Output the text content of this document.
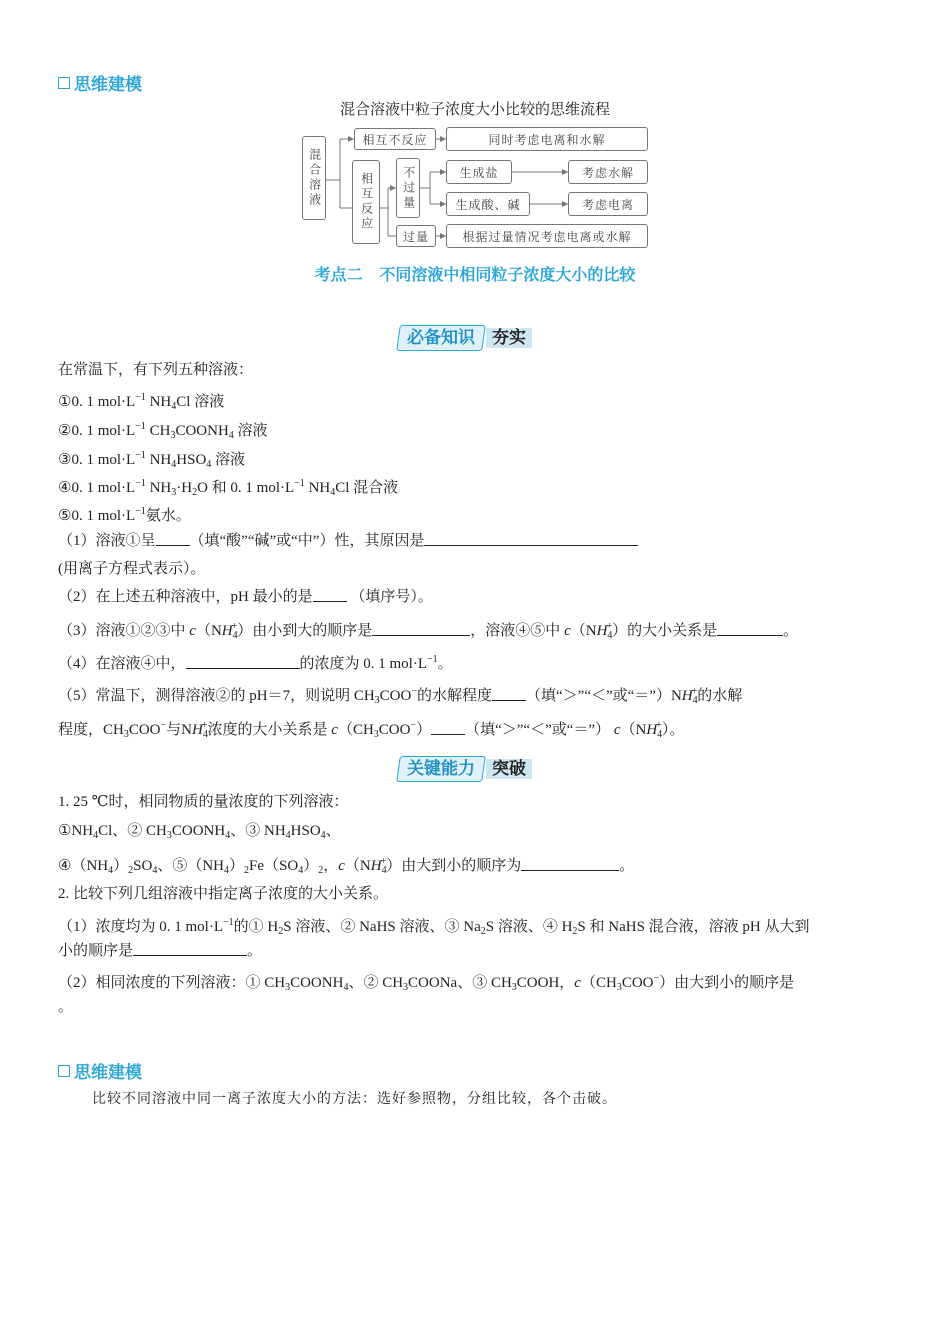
思维建模
混合溶液中粒子浓度大小比较的思维流程
混合溶液
相互不反应	同时考虑电离和水解
相互反应	不过量	生成盐	考虑水解
生成酸、碱	考虑电离
过量	根据过量情况考虑电离或水解
考点二   不同溶液中相同粒子浓度大小的比较
必备知识	夯实
在常温下，有下列五种溶液：
①0. 1 $mol\cdot L^{-1}$ $NH_4Cl$ 溶液
②0. 1 $mol\cdot L^{-1}$ $CH_3COONH_4$ 溶液
③0. 1 $mol\cdot L^{-1}$ $NH_4HSO_4$ 溶液
④0. 1 $mol\cdot L^{-1}$ $NH_3\cdot H_2O$ 和 0. 1 $mol\cdot L^{-1}$ $NH_4Cl$ 混合液
⑤0. 1 $mol\cdot L^{-1}$氨水。
（1）溶液①呈 （填“酸”“碱”或“中”）性，其原因是
(用离子方程式表示）。
（2）在上述五种溶液中，pH 最小的是 （填序号）。
（3）溶液①②③中 $c(NH_4^+)$由小到大的顺序是	，溶液④⑤中 $c(NH_4^+)$的大小关系是	。
（4）在溶液④中，	的浓度为 0. 1 $mol\cdot L^{-1}$。
（5）常温下，测得溶液②的 pH＝7，则说明 $CH_3COO^-$的水解程度 （填“＞”“＜”或“$=”)NH_4^+$的水解
程度，$CH_3COO^-$与$NH_4^+$浓度的大小关系是 $c(CH_3COO^-)$ （填“＞”“＜”或“＝”） $c(NH_4^+)$。
关键能力	突破
1. 25 ℃时，相同物质的量浓度的下列溶液：
$①NH_4Cl$、② $CH_3COONH_4$、③ $NH_4HSO_4$、
$④(NH_4)_2SO_4$、$⑤(NH_4)_2Fe(SO_4)_2$，$c(NH_4^+)$由大到小的顺序为	。
2. 比较下列几组溶液中指定离子浓度的大小关系。
（1）浓度均为 0. 1 $mol\cdot L^{-1}$的① $H_2S$ 溶液、② NaHS 溶液、③ $Na_2S$ 溶液、④ $H_2S$ 和 NaHS 混合液，溶液 pH 从大到
小的顺序是	。
（2）相同浓度的下列溶液：① $CH_3COONH_4$、② $CH_3COONa$、③ $CH_3COOH$，$c(CH_3COO^-)$由大到小的顺序是
。
思维建模
比较不同溶液中同一离子浓度大小的方法：选好参照物，分组比较，各个击破。
